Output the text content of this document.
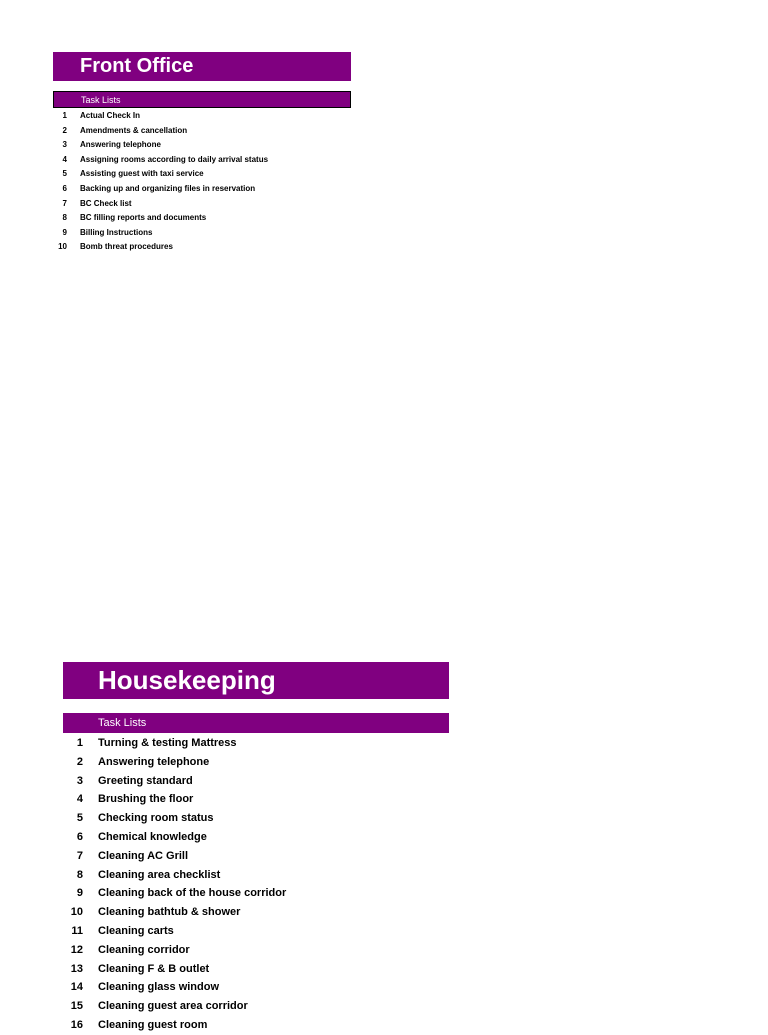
Front Office
Task Lists
1 Actual Check In
2 Amendments & cancellation
3 Answering telephone
4 Assigning rooms according to daily arrival status
5 Assisting guest with taxi service
6 Backing up and organizing files in reservation
7 BC Check list
8 BC filling reports and documents
9 Billing Instructions
10 Bomb threat procedures
Housekeeping
Task Lists
1 Turning & testing Mattress
2 Answering telephone
3 Greeting standard
4 Brushing the floor
5 Checking room status
6 Chemical knowledge
7 Cleaning AC Grill
8 Cleaning area checklist
9 Cleaning back of the house corridor
10 Cleaning bathtub & shower
11 Cleaning carts
12 Cleaning corridor
13 Cleaning F & B outlet
14 Cleaning glass window
15 Cleaning guest area corridor
16 Cleaning guest room
